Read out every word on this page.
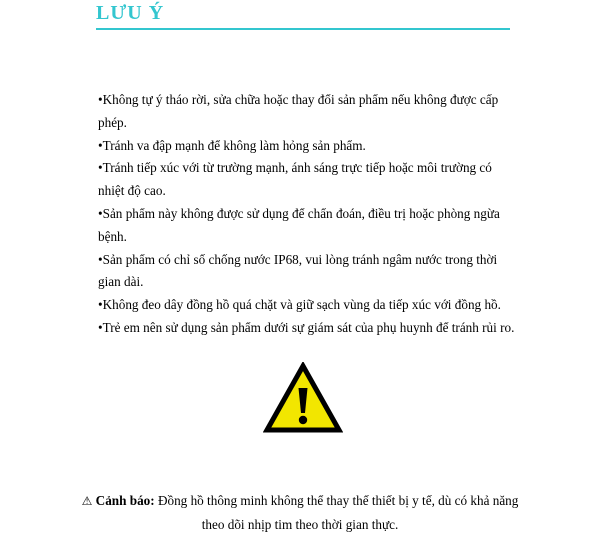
LƯU Ý

•Không tự ý tháo rời, sửa chữa hoặc thay đổi sản phẩm nếu không được cấp phép.

•Tránh va đập mạnh để không làm hỏng sản phẩm.

•Tránh tiếp xúc với từ trường mạnh, ánh sáng trực tiếp hoặc môi trường có nhiệt độ cao.

•Sản phẩm này không được sử dụng để chẩn đoán, điều trị hoặc phòng ngừa bệnh.

•Sản phẩm có chỉ số chống nước IP68, vui lòng tránh ngâm nước trong thời gian dài.

•Không đeo dây đồng hồ quá chặt và giữ sạch vùng da tiếp xúc với đồng hồ.

•Trẻ em nên sử dụng sản phẩm dưới sự giám sát của phụ huynh để tránh rủi ro.

⚠ Cảnh báo: Đồng hồ thông minh không thể thay thế thiết bị y tế, dù có khả năng theo dõi nhịp tim theo thời gian thực.
